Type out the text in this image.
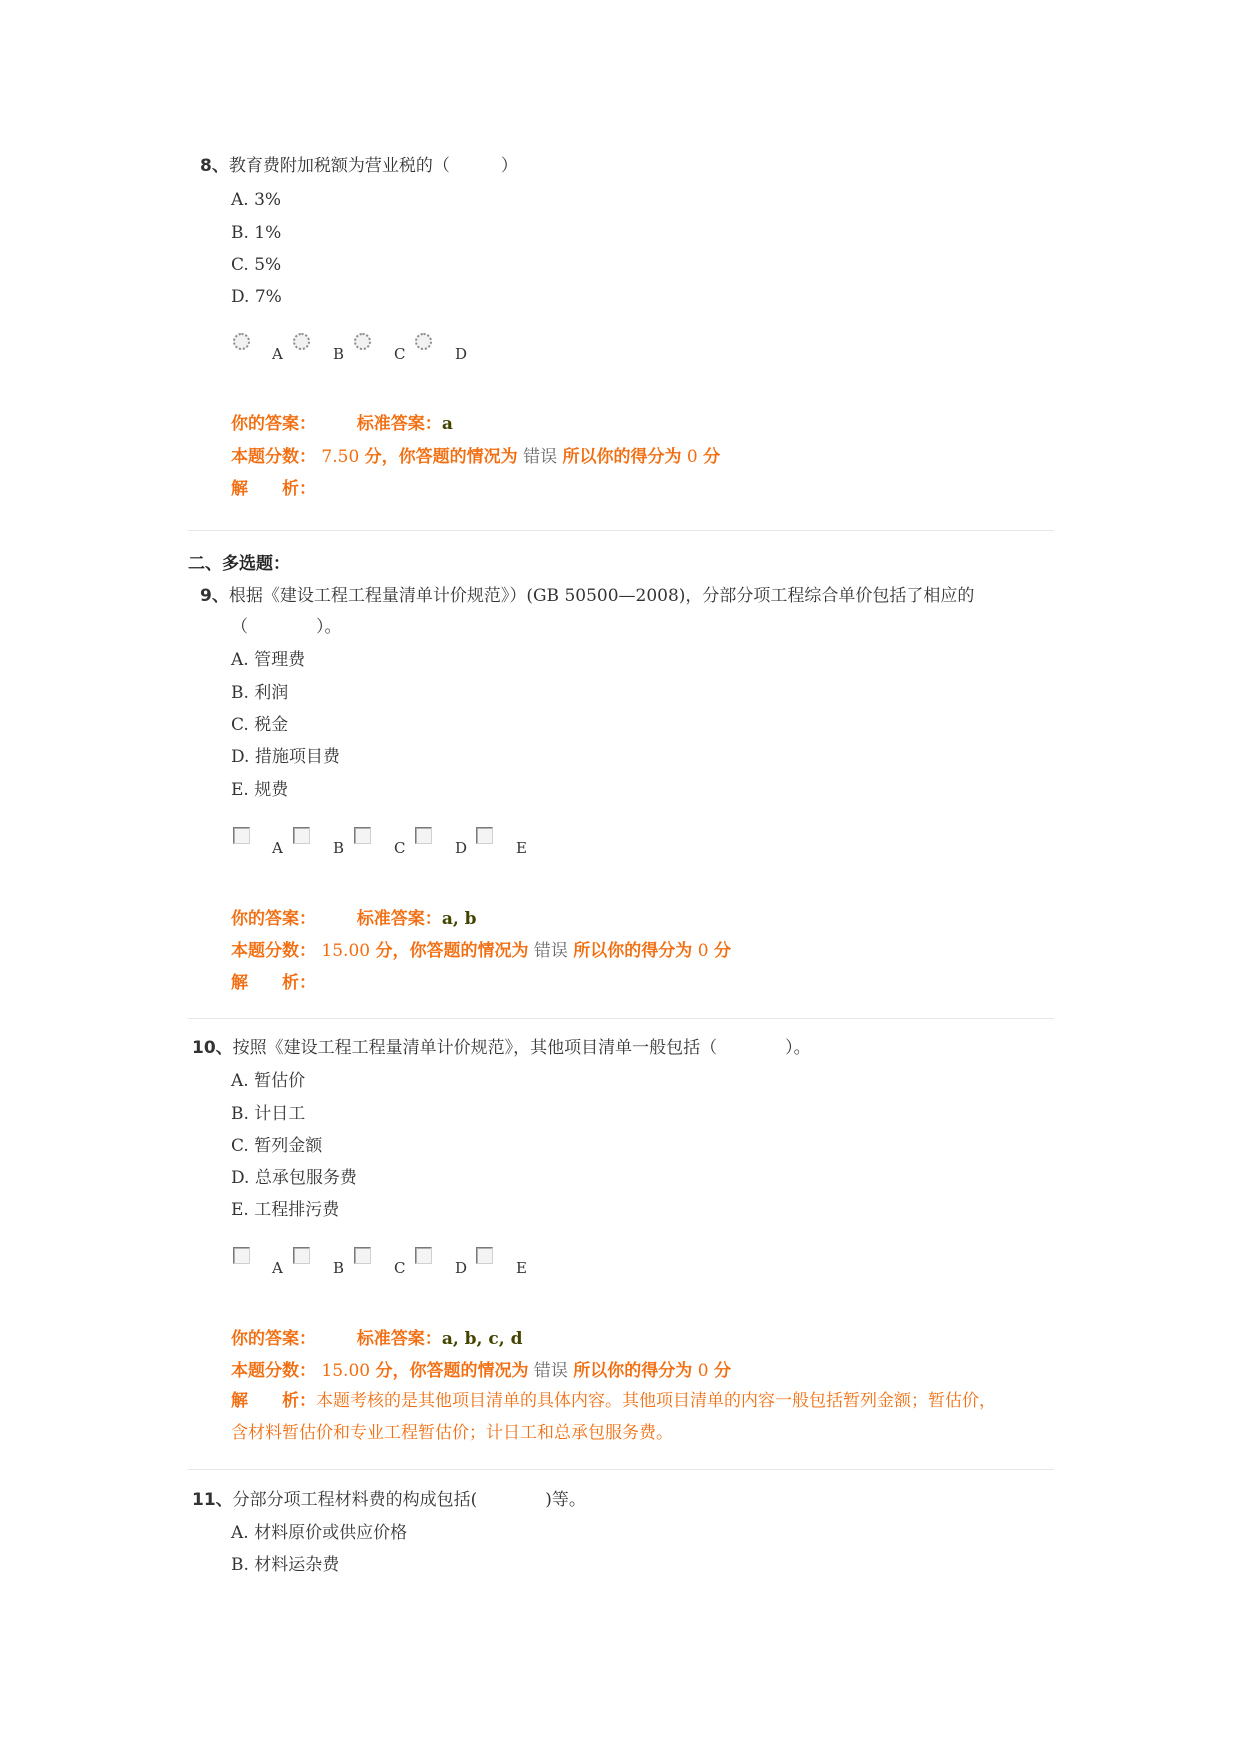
8、教育费附加税额为营业税的（　　　）
A. 3%
B. 1%　
C. 5%
D. 7%
A	B	C	D
你的答案： 标准答案：a
本题分数： 7.50 分，你答题的情况为 错误 所以你的得分为 0 分
解　　析：
二、多选题：
9、根据《建设工程工程量清单计价规范》）(GB 50500—2008)，分部分项工程综合单价包括了相应的
（　　　　）。
A. 管理费
B. 利润
C. 税金
D. 措施项目费
E. 规费
A	B	C	D	E
你的答案： 标准答案：a, b
本题分数： 15.00 分，你答题的情况为 错误 所以你的得分为 0 分
解　　析：
10、按照《建设工程工程量清单计价规范》，其他项目清单一般包括（　　　　）。
A. 暂估价
B. 计日工
C. 暂列金额
D. 总承包服务费
E. 工程排污费
A	B	C	D	E
你的答案： 标准答案：a, b, c, d
本题分数： 15.00 分，你答题的情况为 错误 所以你的得分为 0 分
解　　析：本题考核的是其他项目清单的具体内容。其他项目清单的内容一般包括暂列金额；暂估价，
含材料暂估价和专业工程暂估价；计日工和总承包服务费。
11、分部分项工程材料费的构成包括(　　　　)等。
A. 材料原价或供应价格
B. 材料运杂费
